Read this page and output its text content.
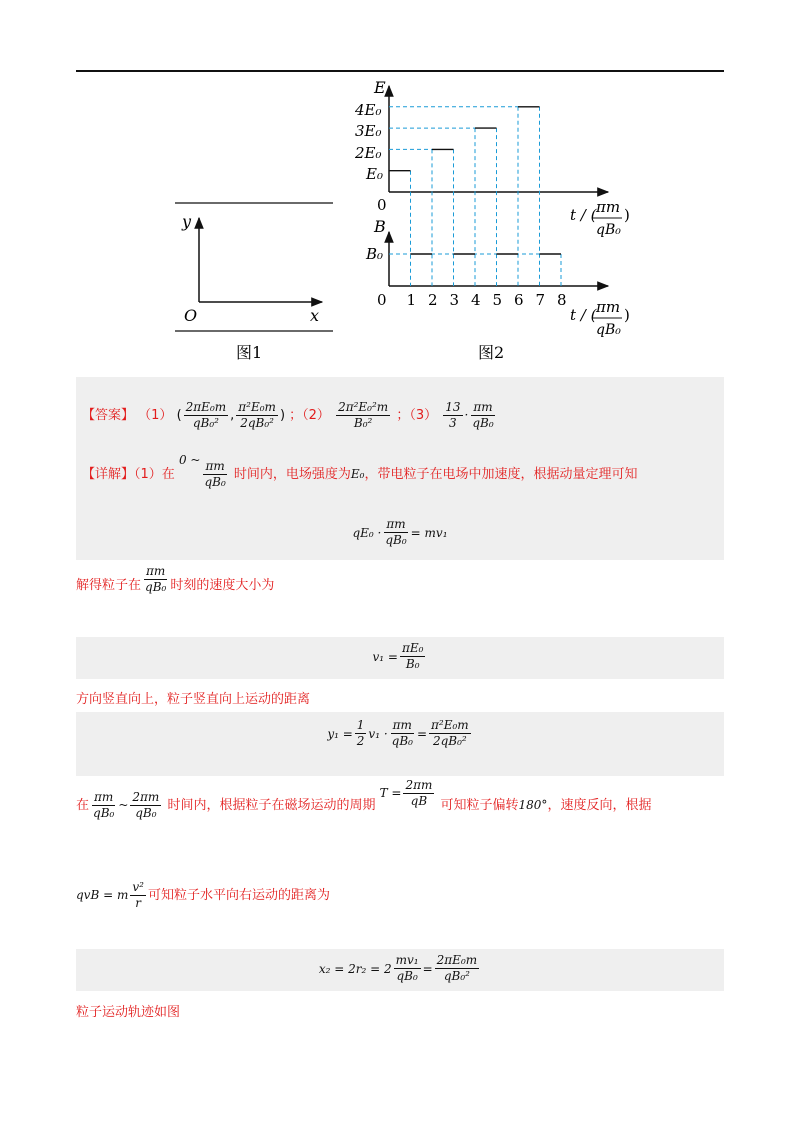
y
x
O
图1
E
4E₀
3E₀
2E₀
E₀
0
B
B₀
0 1 2 3 4 5 6 7 8
t / ( πm
qB₀
)
t / ( πm
qB₀
)
图2
【答案】 （1） ( $\frac{\text{2πE₀m}}{\text{qB₀²}}$ , $\frac{\text{π²E₀m}}{\text{2qB₀²}}$ ) ；$(2) \frac{\text{2π²E₀²m}}{\text{B₀²}}$ ；$(3) \frac{13}{3} \cdot \frac{\pi m}{\text{qB₀}}$
【详解】（1）在 0 ~ $\frac{\pi m}{\text{qB₀}}$ 时间内，电场强度为E₀，带电粒子在电场中加速度，根据动量定理可知
$qE_0 \cdot \frac{\pi m}{\text{qB₀}} = mv_1$
解得粒子在 $\frac{\pi m}{\text{qB₀}}$ 时刻的速度大小为
$v_1 = \frac{\text{πE₀}}{\text{B₀}}$
方向竖直向上，粒子竖直向上运动的距离
$y_1 = \frac{1}{2} v_1 \cdot \frac{\pi m}{\text{qB₀}} = \frac{\text{π²E₀m}}{\text{2qB₀²}}$
在 $\frac{\pi m}{\text{qB₀}}$ ~ $\frac{2\pi m}{\text{qB₀}}$ 时间内，根据粒子在磁场运动的周期 $T = \frac{2\pi m}{qB}$ 可知粒子偏转180°，速度反向，根据
qvB = m $\frac{\text{v²}}{r}$ 可知粒子水平向右运动的距离为
$x_2 = 2r_2 = 2 \frac{\text{mv₁}}{\text{qB₀}} = \frac{\text{2πE₀m}}{\text{qB₀²}}$
粒子运动轨迹如图
